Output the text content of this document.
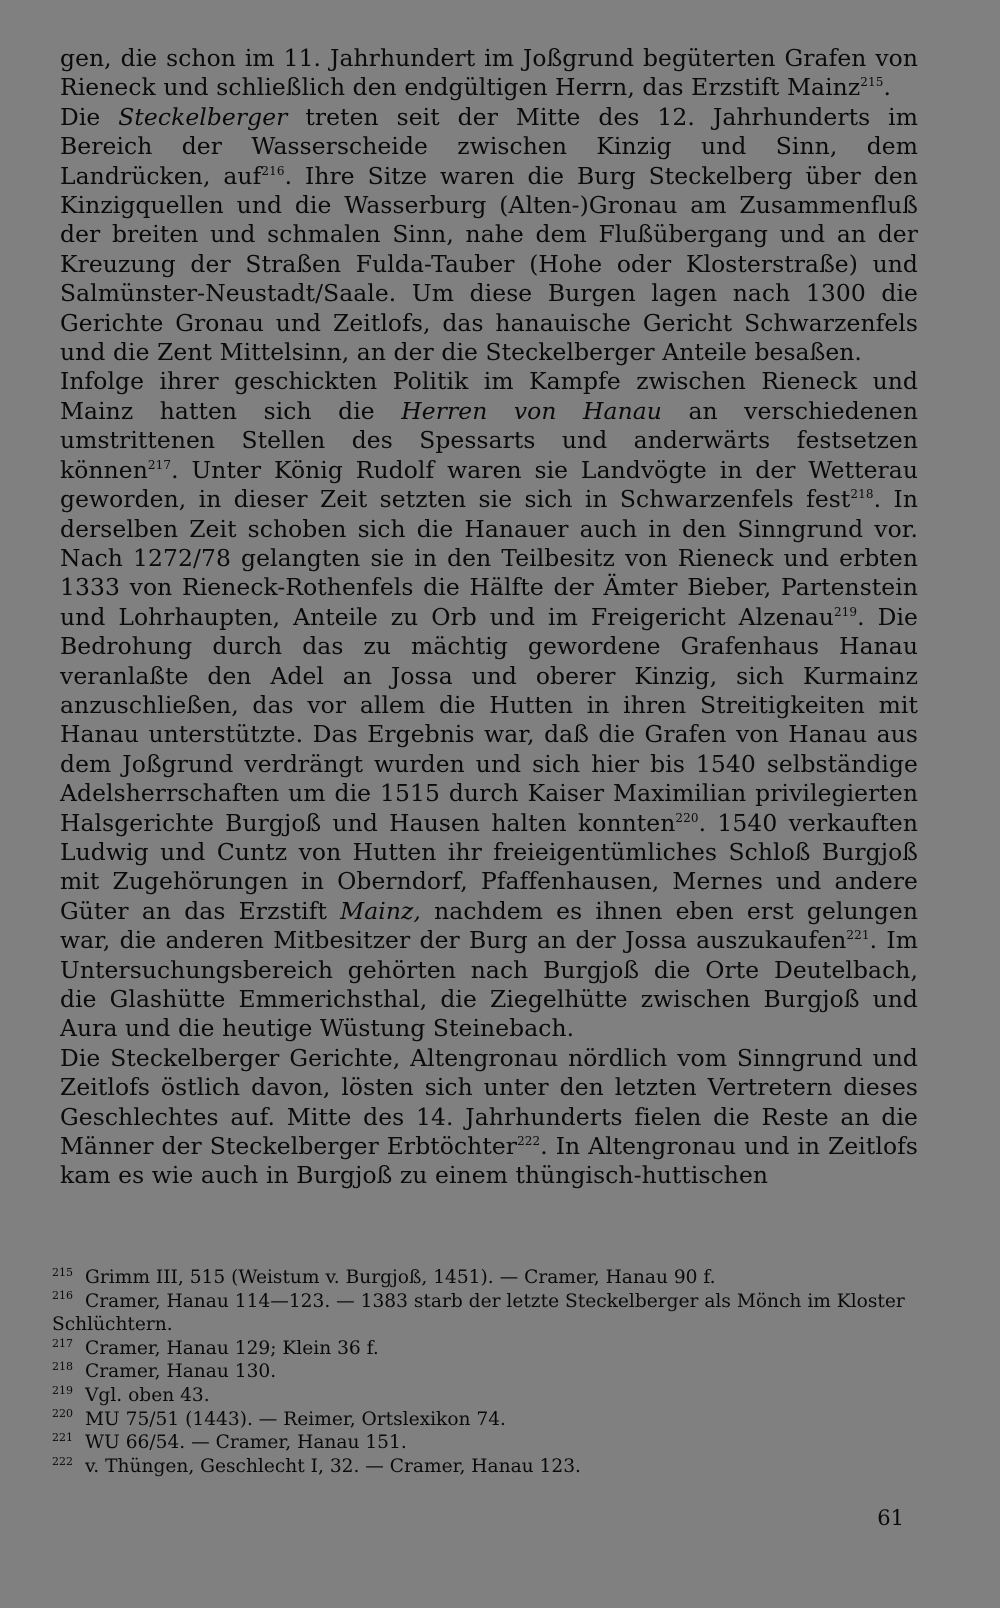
gen, die schon im 11. Jahrhundert im Joßgrund begüterten Grafen von Rieneck und schließlich den endgültigen Herrn, das Erzstift Mainz$^{215}$.

Die Steckelberger treten seit der Mitte des 12. Jahrhunderts im Bereich der Wasserscheide zwischen Kinzig und Sinn, dem Landrücken, auf$^{216}$. Ihre Sitze waren die Burg Steckelberg über den Kinzigquellen und die Wasserburg (Alten-)Gronau am Zusammenfluß der breiten und schmalen Sinn, nahe dem Flußübergang und an der Kreuzung der Straßen Fulda-Tauber (Hohe oder Klosterstraße) und Salmünster-Neustadt/Saale. Um diese Burgen lagen nach 1300 die Gerichte Gronau und Zeitlofs, das hanauische Gericht Schwarzenfels und die Zent Mittelsinn, an der die Steckelberger Anteile besaßen.

Infolge ihrer geschickten Politik im Kampfe zwischen Rieneck und Mainz hatten sich die Herren von Hanau an verschiedenen umstrittenen Stellen des Spessarts und anderwärts festsetzen können$^{217}$. Unter König Rudolf waren sie Landvögte in der Wetterau geworden, in dieser Zeit setzten sie sich in Schwarzenfels fest$^{218}$. In derselben Zeit schoben sich die Hanauer auch in den Sinngrund vor. Nach 1272/78 gelangten sie in den Teilbesitz von Rieneck und erbten 1333 von Rieneck-Rothenfels die Hälfte der Ämter Bieber, Partenstein und Lohrhaupten, Anteile zu Orb und im Freigericht Alzenau$^{219}$. Die Bedrohung durch das zu mächtig gewordene Grafenhaus Hanau veranlaßte den Adel an Jossa und oberer Kinzig, sich Kurmainz anzuschließen, das vor allem die Hutten in ihren Streitigkeiten mit Hanau unterstützte. Das Ergebnis war, daß die Grafen von Hanau aus dem Joßgrund verdrängt wurden und sich hier bis 1540 selbständige Adelsherrschaften um die 1515 durch Kaiser Maximilian privilegierten Halsgerichte Burgjoß und Hausen halten konnten$^{220}$. 1540 verkauften Ludwig und Cuntz von Hutten ihr freieigentümliches Schloß Burgjoß mit Zugehörungen in Oberndorf, Pfaffenhausen, Mernes und andere Güter an das Erzstift Mainz, nachdem es ihnen eben erst gelungen war, die anderen Mitbesitzer der Burg an der Jossa auszukaufen$^{221}$. Im Untersuchungsbereich gehörten nach Burgjoß die Orte Deutelbach, die Glashütte Emmerichsthal, die Ziegelhütte zwischen Burgjoß und Aura und die heutige Wüstung Steinebach.

Die Steckelberger Gerichte, Altengronau nördlich vom Sinngrund und Zeitlofs östlich davon, lösten sich unter den letzten Vertretern dieses Geschlechtes auf. Mitte des 14. Jahrhunderts fielen die Reste an die Männer der Steckelberger Erbtöchter$^{222}$. In Altengronau und in Zeitlofs kam es wie auch in Burgjoß zu einem thüngisch-huttischen

$^{215}$ Grimm III, 515 (Weistum v. Burgjoß, 1451). — Cramer, Hanau 90 f.

$^{216}$ Cramer, Hanau 114—123. — 1383 starb der letzte Steckelberger als Mönch im Kloster Schlüchtern.

$^{217}$ Cramer, Hanau 129; Klein 36 f.

$^{218}$ Cramer, Hanau 130.

$^{219}$ Vgl. oben 43.

$^{220}$ MU 75/51 (1443). — Reimer, Ortslexikon 74.

$^{221}$ WU 66/54. — Cramer, Hanau 151.

$^{222}$ v. Thüngen, Geschlecht I, 32. — Cramer, Hanau 123.

61
